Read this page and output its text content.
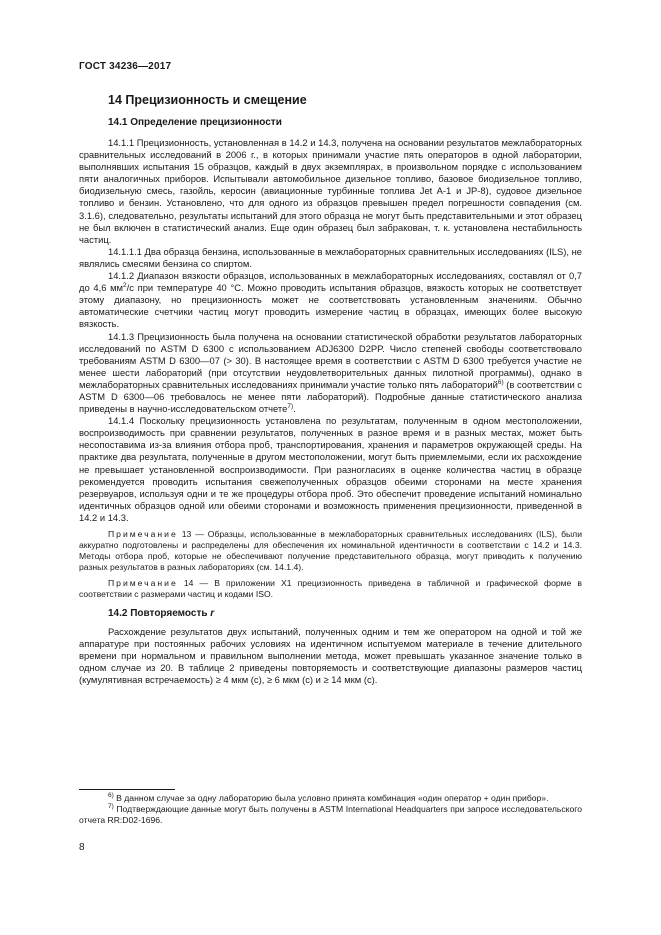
ГОСТ 34236—2017
14 Прецизионность и смещение
14.1 Определение прецизионности

14.1.1 Прецизионность, установленная в 14.2 и 14.3, получена на основании результатов межлабораторных сравнительных исследований в 2006 г., в которых принимали участие пять операторов в одной лаборатории, выполнявших испытания 15 образцов, каждый в двух экземплярах, в произвольном порядке с использованием пяти аналогичных приборов. Испытывали автомобильное дизельное топливо, базовое биодизельное топливо, биодизельную смесь, газойль, керосин (авиационные турбинные топлива Jet A-1 и JP-8), судовое дизельное топливо и бензин. Установлено, что для одного из образцов превышен предел погрешности совпадения (см. 3.1.6), следовательно, результаты испытаний для этого образца не могут быть представительными и этот образец не был включен в статистический анализ. Еще один образец был забракован, т. к. установлена нестабильность частиц.

14.1.1.1 Два образца бензина, использованные в межлабораторных сравнительных исследованиях (ILS), не являлись смесями бензина со спиртом.

14.1.2 Диапазон вязкости образцов, использованных в межлабораторных исследованиях, составлял от 0,7 до 4,6 $мм^2/с$ при температуре 40 °С. Можно проводить испытания образцов, вязкость которых не соответствует этому диапазону, но прецизионность может не соответствовать установленным значениям. Обычно автоматические счетчики частиц могут проводить измерение частиц в образцах, имеющих более высокую вязкость.

14.1.3 Прецизионность была получена на основании статистической обработки результатов лабораторных исследований по ASTM D 6300 с использованием ADJ6300 D2PP. Число степеней свободы соответствовало требованиям ASTM D 6300—07 (> 30). В настоящее время в соответствии с ASTM D 6300 требуется участие не менее шести лабораторий (при отсутствии неудовлетворительных данных пилотной программы), однако в межлабораторных сравнительных исследованиях принимали участие только пять лабораторий$^{6)}$ (в соответствии с ASTM D 6300—06 требовалось не менее пяти лабораторий). Подробные данные статистического анализа приведены в научно-исследовательском отчете$^{7)}$.

14.1.4 Поскольку прецизионность установлена по результатам, полученным в одном местоположении, воспроизводимость при сравнении результатов, полученных в разное время и в разных местах, может быть несопоставима из-за влияния отбора проб, транспортирования, хранения и параметров окружающей среды. На практике два результата, полученные в другом местоположении, могут быть приемлемыми, если их расхождение не превышает установленной воспроизводимости. При разногласиях в оценке количества частиц в образце рекомендуется проводить испытания свежеполученных образцов обеими сторонами на месте хранения резервуаров, используя одни и те же процедуры отбора проб. Это обеспечит проведение испытаний номинально идентичных образцов одной или обеими сторонами и возможность применения прецизионности, приведенной в 14.2 и 14.3.

Примечание 13 — Образцы, использованные в межлабораторных сравнительных исследованиях (ILS), были аккуратно подготовлены и распределены для обеспечения их номинальной идентичности в соответствии с 14.2 и 14.3. Методы отбора проб, которые не обеспечивают получение представительного образца, могут приводить к получению разных результатов в разных лабораториях (см. 14.1.4).

Примечание 14 — В приложении Х1 прецизионность приведена в табличной и графической форме в соответствии с размерами частиц и кодами ISO.

14.2 Повторяемость r

Расхождение результатов двух испытаний, полученных одним и тем же оператором на одной и той же аппаратуре при постоянных рабочих условиях на идентичном испытуемом материале в течение длительного времени при нормальном и правильном выполнении метода, может превышать указанное значение только в одном случае из 20. В таблице 2 приведены повторяемость и соответствующие диапазоны размеров частиц (кумулятивная встречаемость) ≥ 4 мкм (с), ≥ 6 мкм (с) и ≥ 14 мкм (с).

$^{6)}$ В данном случае за одну лабораторию была условно принята комбинация «один оператор + один прибор».

$^{7)}$ Подтверждающие данные могут быть получены в ASTM International Headquarters при запросе исследовательского отчета RR:D02-1696.

8
